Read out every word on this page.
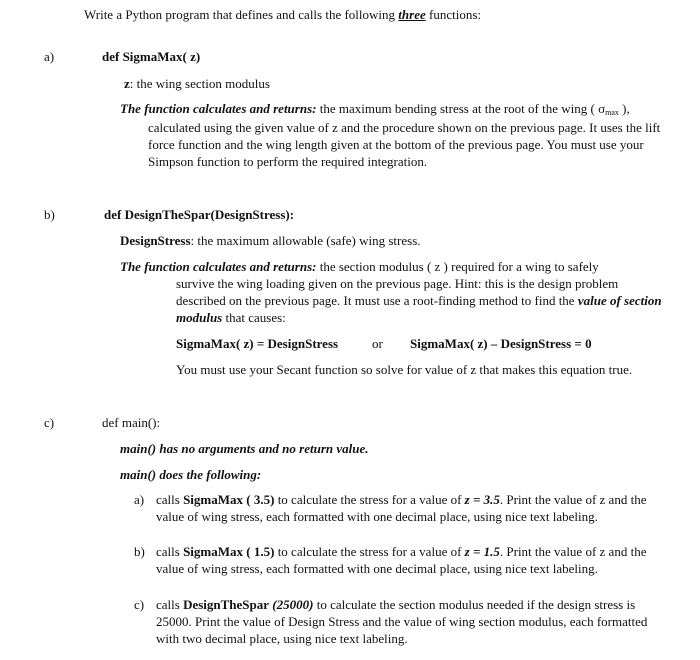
Write a Python program that defines and calls the following three functions:
a)	def SigmaMax( z)
z: the wing section modulus
The function calculates and returns: the maximum bending stress at the root of the wing ( σmax ),
calculated using the given value of z and the procedure shown on the previous page. It uses the lift force function and the wing length given at the bottom of the previous page. You must use your Simpson function to perform the required integration.
b)	def DesignTheSpar(DesignStress):
DesignStress: the maximum allowable (safe) wing stress.
The function calculates and returns: the section modulus ( z ) required for a wing to safely
survive the wing loading given on the previous page. Hint: this is the design problem described on the previous page. It must use a root-finding method to find the value of section modulus that causes:
SigmaMax( z) = DesignStress	or SigmaMax( z) – DesignStress = 0
You must use your Secant function so solve for value of z that makes this equation true.
c)	def main():
main() has no arguments and no return value.
main() does the following:
a) calls SigmaMax ( 3.5) to calculate the stress for a value of z = 3.5. Print the value of z and the value of wing stress, each formatted with one decimal place, using nice text labeling.
b) calls SigmaMax ( 1.5) to calculate the stress for a value of z = 1.5. Print the value of z and the value of wing stress, each formatted with one decimal place, using nice text labeling.
c) calls DesignTheSpar (25000) to calculate the section modulus needed if the design stress is 25000. Print the value of Design Stress and the value of wing section modulus, each formatted with two decimal place, using nice text labeling.
